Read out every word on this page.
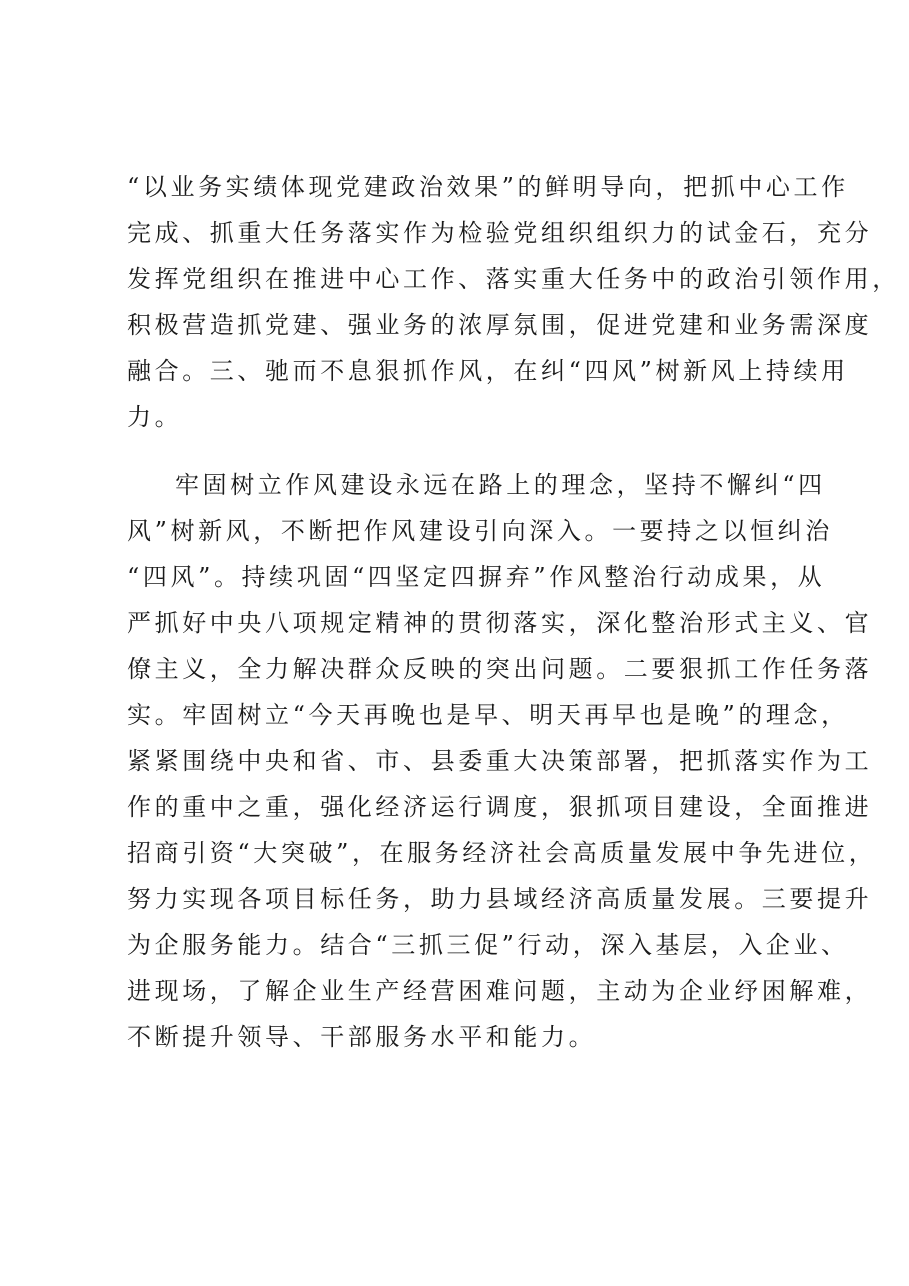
“以业务实绩体现党建政治效果”的鲜明导向，把抓中心工作
完成、抓重大任务落实作为检验党组织组织力的试金石，充分
发挥党组织在推进中心工作、落实重大任务中的政治引领作用，
积极营造抓党建、强业务的浓厚氛围，促进党建和业务需深度
融合。三、驰而不息狠抓作风，在纠“四风”树新风上持续用
力。
牢固树立作风建设永远在路上的理念，坚持不懈纠“四
风”树新风，不断把作风建设引向深入。一要持之以恒纠治
“四风”。持续巩固“四坚定四摒弃”作风整治行动成果，从
严抓好中央八项规定精神的贯彻落实，深化整治形式主义、官
僚主义，全力解决群众反映的突出问题。二要狠抓工作任务落
实。牢固树立“今天再晚也是早、明天再早也是晚”的理念，
紧紧围绕中央和省、市、县委重大决策部署，把抓落实作为工
作的重中之重，强化经济运行调度，狠抓项目建设，全面推进
招商引资“大突破”，在服务经济社会高质量发展中争先进位，
努力实现各项目标任务，助力县域经济高质量发展。三要提升
为企服务能力。结合“三抓三促”行动，深入基层，入企业、
进现场，了解企业生产经营困难问题，主动为企业纾困解难，
不断提升领导、干部服务水平和能力。
